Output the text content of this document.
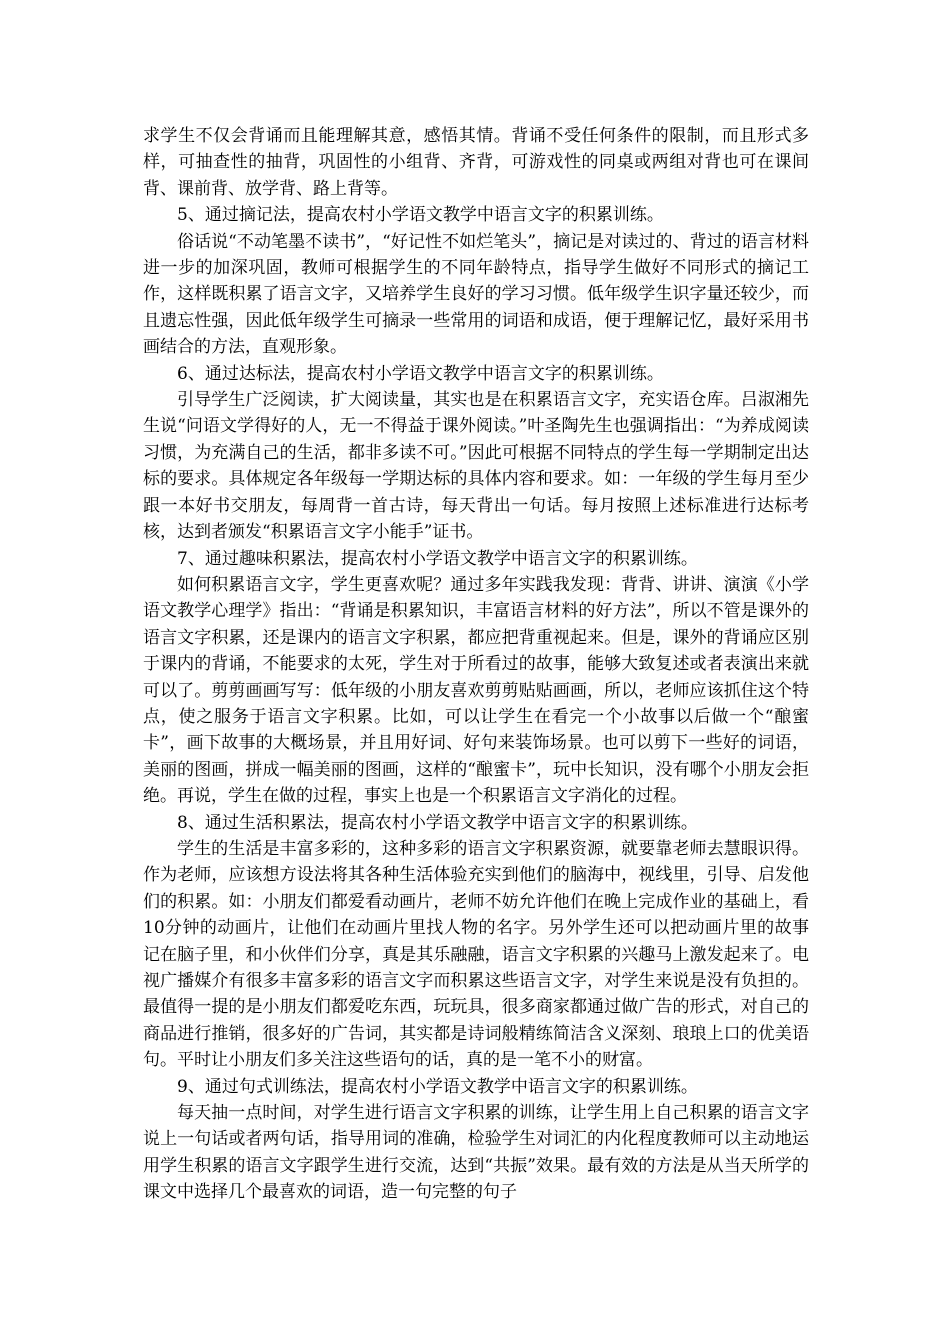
求学生不仅会背诵而且能理解其意，感悟其情。背诵不受任何条件的限制，而且形式多样，可抽查性的抽背，巩固性的小组背、齐背，可游戏性的同桌或两组对背也可在课间背、课前背、放学背、路上背等。

5、通过摘记法，提高农村小学语文教学中语言文字的积累训练。

俗话说“不动笔墨不读书”，“好记性不如烂笔头”，摘记是对读过的、背过的语言材料进一步的加深巩固，教师可根据学生的不同年龄特点，指导学生做好不同形式的摘记工作，这样既积累了语言文字，又培养学生良好的学习习惯。低年级学生识字量还较少，而且遗忘性强，因此低年级学生可摘录一些常用的词语和成语，便于理解记忆，最好采用书画结合的方法，直观形象。

6、通过达标法，提高农村小学语文教学中语言文字的积累训练。

引导学生广泛阅读，扩大阅读量，其实也是在积累语言文字，充实语仓库。吕淑湘先生说“问语文学得好的人，无一不得益于课外阅读。”叶圣陶先生也强调指出：“为养成阅读习惯，为充满自己的生活，都非多读不可。”因此可根据不同特点的学生每一学期制定出达标的要求。具体规定各年级每一学期达标的具体内容和要求。如：一年级的学生每月至少跟一本好书交朋友，每周背一首古诗，每天背出一句话。每月按照上述标准进行达标考核，达到者颁发“积累语言文字小能手”证书。

7、通过趣味积累法，提高农村小学语文教学中语言文字的积累训练。

如何积累语言文字，学生更喜欢呢？通过多年实践我发现：背背、讲讲、演演《小学语文教学心理学》指出：“背诵是积累知识，丰富语言材料的好方法”，所以不管是课外的语言文字积累，还是课内的语言文字积累，都应把背重视起来。但是，课外的背诵应区别于课内的背诵，不能要求的太死，学生对于所看过的故事，能够大致复述或者表演出来就可以了。剪剪画画写写：低年级的小朋友喜欢剪剪贴贴画画，所以，老师应该抓住这个特点，使之服务于语言文字积累。比如，可以让学生在看完一个小故事以后做一个“酿蜜卡”，画下故事的大概场景，并且用好词、好句来装饰场景。也可以剪下一些好的词语，美丽的图画，拼成一幅美丽的图画，这样的“酿蜜卡”，玩中长知识，没有哪个小朋友会拒绝。再说，学生在做的过程，事实上也是一个积累语言文字消化的过程。

8、通过生活积累法，提高农村小学语文教学中语言文字的积累训练。

学生的生活是丰富多彩的，这种多彩的语言文字积累资源，就要靠老师去慧眼识得。作为老师，应该想方设法将其各种生活体验充实到他们的脑海中，视线里，引导、启发他们的积累。如：小朋友们都爱看动画片，老师不妨允许他们在晚上完成作业的基础上，看10分钟的动画片，让他们在动画片里找人物的名字。另外学生还可以把动画片里的故事记在脑子里，和小伙伴们分享，真是其乐融融，语言文字积累的兴趣马上激发起来了。电视广播媒介有很多丰富多彩的语言文字而积累这些语言文字，对学生来说是没有负担的。最值得一提的是小朋友们都爱吃东西，玩玩具，很多商家都通过做广告的形式，对自己的商品进行推销，很多好的广告词，其实都是诗词般精练简洁含义深刻、琅琅上口的优美语句。平时让小朋友们多关注这些语句的话，真的是一笔不小的财富。

9、通过句式训练法，提高农村小学语文教学中语言文字的积累训练。

每天抽一点时间，对学生进行语言文字积累的训练，让学生用上自己积累的语言文字说上一句话或者两句话，指导用词的准确，检验学生对词汇的内化程度教师可以主动地运用学生积累的语言文字跟学生进行交流，达到“共振”效果。最有效的方法是从当天所学的课文中选择几个最喜欢的词语，造一句完整的句子
